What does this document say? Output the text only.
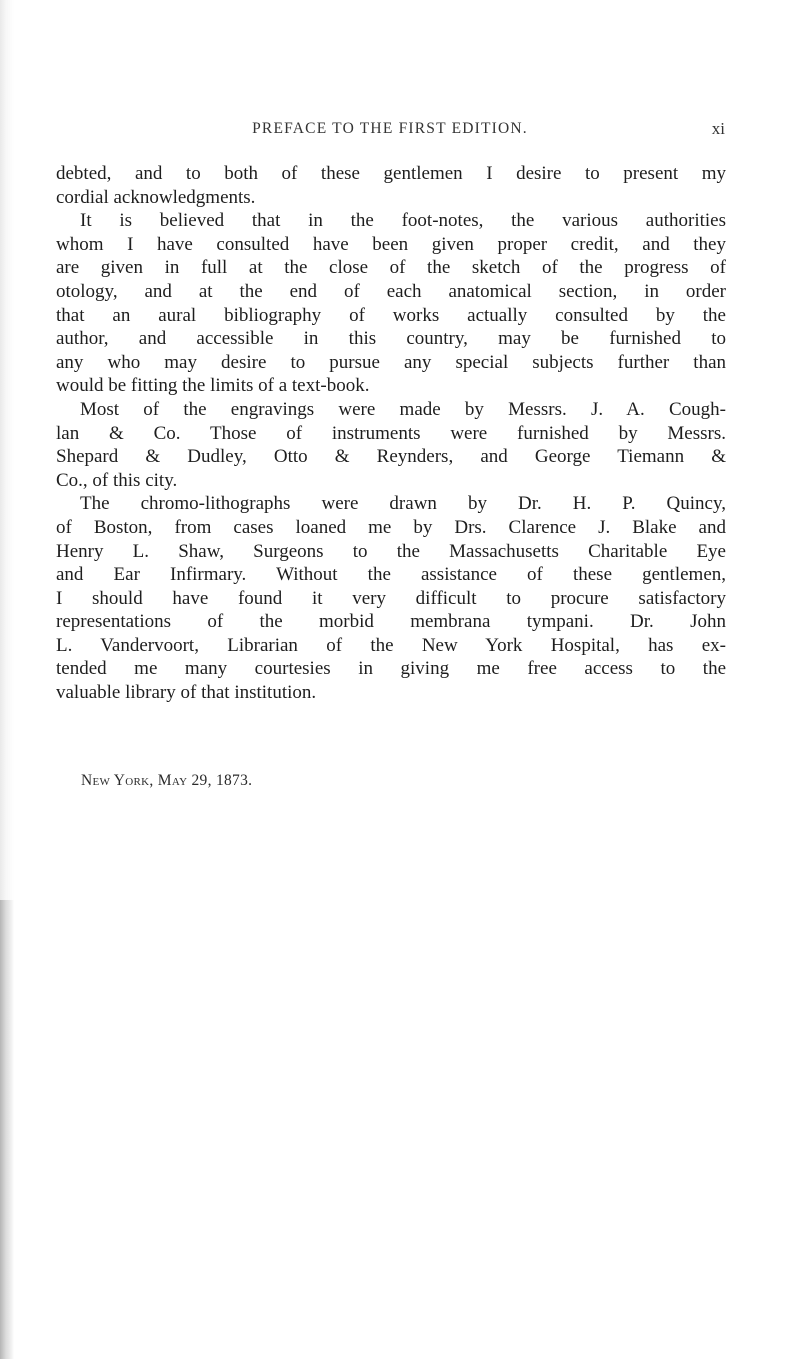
PREFACE TO THE FIRST EDITION.	xi
debted, and to both of these gentlemen I desire to present my
cordial acknowledgments.
It is believed that in the foot-notes, the various authorities
whom I have consulted have been given proper credit, and they
are given in full at the close of the sketch of the progress of
otology, and at the end of each anatomical section, in order
that an aural bibliography of works actually consulted by the
author, and accessible in this country, may be furnished to
any who may desire to pursue any special subjects further than
would be fitting the limits of a text-book.
Most of the engravings were made by Messrs. J. A. Cough-
lan & Co. Those of instruments were furnished by Messrs.
Shepard & Dudley, Otto & Reynders, and George Tiemann &
Co., of this city.
The chromo-lithographs were drawn by Dr. H. P. Quincy,
of Boston, from cases loaned me by Drs. Clarence J. Blake and
Henry L. Shaw, Surgeons to the Massachusetts Charitable Eye
and Ear Infirmary. Without the assistance of these gentlemen,
I should have found it very difficult to procure satisfactory
representations of the morbid membrana tympani. Dr. John
L. Vandervoort, Librarian of the New York Hospital, has ex-
tended me many courtesies in giving me free access to the
valuable library of that institution.
New York, May 29, 1873.
